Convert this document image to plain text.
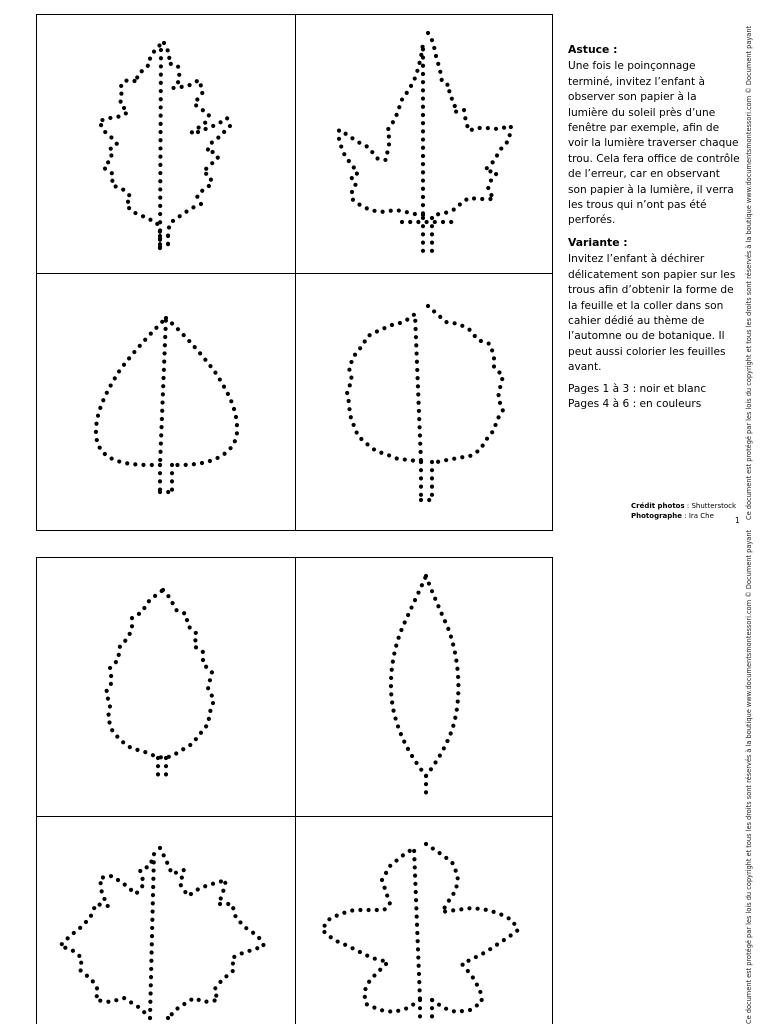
Astuce :

Une fois le poinçonnage terminé, invitez l’enfant à observer son papier à la lumière du soleil près d’une fenêtre par exemple, afin de voir la lumière traverser chaque trou. Cela fera office de contrôle de l’erreur, car en observant son papier à la lumière, il verra les trous qui n’ont pas été perforés.

Variante :

Invitez l’enfant à déchirer délicatement son papier sur les trous afin d’obtenir la forme de la feuille et la coller dans son cahier dédié au thème de l’automne ou de botanique. Il peut aussi colorier les feuilles avant.

Pages 1 à 3 : noir et blanc

Pages 4 à 6 : en couleurs

Crédit photos : Shutterstock
Photographe : Ira Che	1
Ce document est protégé par les lois du copyright et tous les droits sont réservés à la boutique www.documentsmontessori.com © Document payant
Ce document est protégé par les lois du copyright et tous les droits sont réservés à la boutique www.documentsmontessori.com © Document payant
